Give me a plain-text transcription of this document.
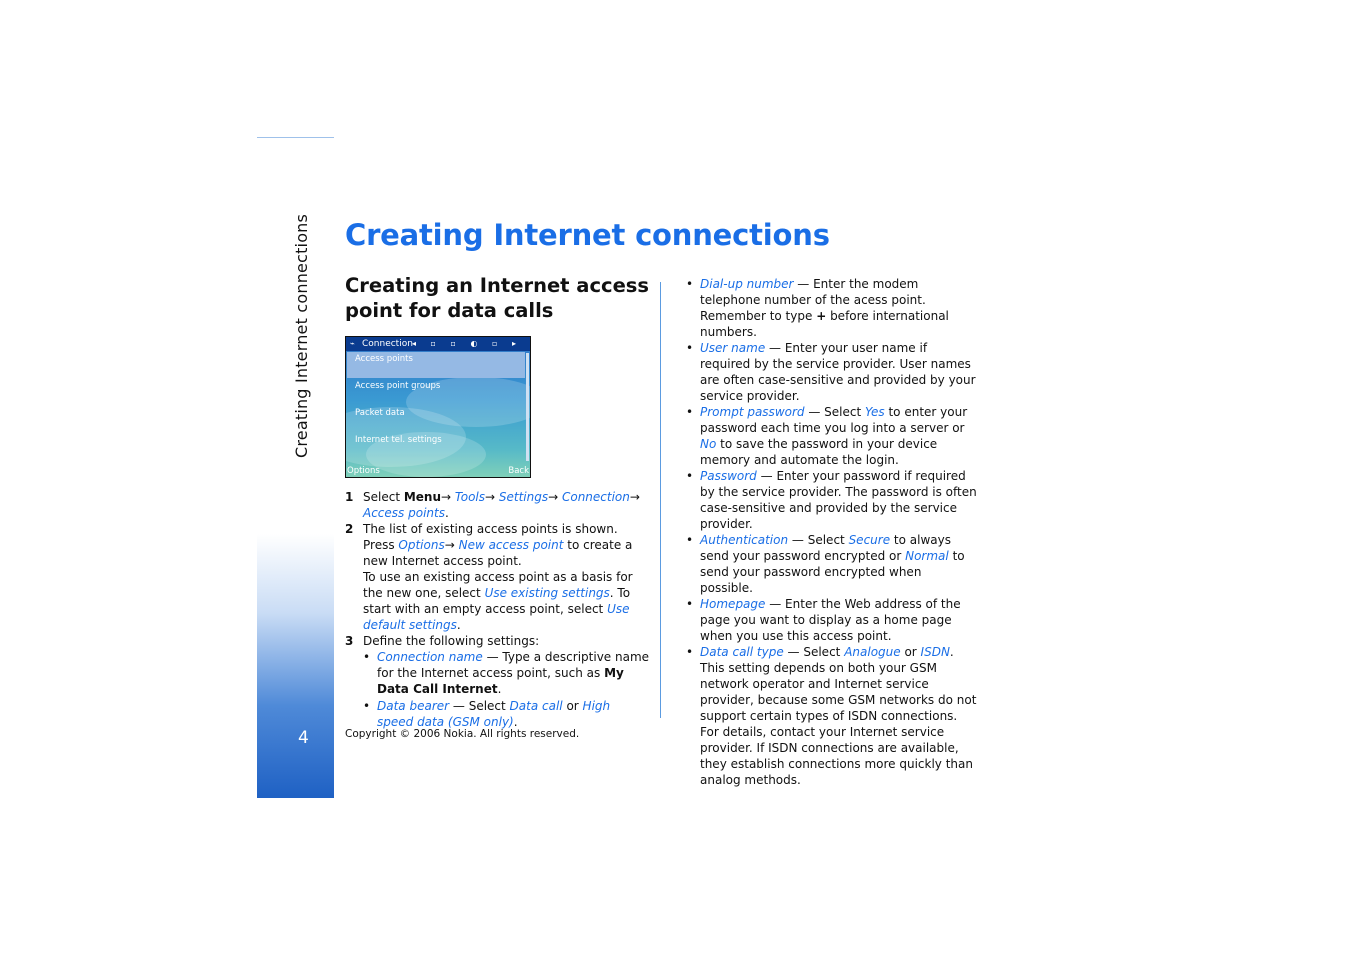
Creating Internet connections
4
Creating Internet connections
Creating an Internet access point for data calls
⌁ Connection ◂ ▫ ▫ ◐ ▫ ▸
Access points
Access point groups
Packet data
Internet tel. settings
Options	Back

1 Select Menu→ Tools→ Settings→ Connection→ Access points.

2 The list of existing access points is shown. Press Options→ New access point to create a new Internet access point.
To use an existing access point as a basis for the new one, select Use existing settings. To start with an empty access point, select Use default settings.

3 Define the following settings:

• Connection name — Type a descriptive name for the Internet access point, such as My Data Call Internet.

• Data bearer — Select Data call or High speed data (GSM only).

• Dial-up number — Enter the modem telephone number of the acess point. Remember to type + before international numbers.

• User name — Enter your user name if required by the service provider. User names are often case-sensitive and provided by your service provider.

• Prompt password — Select Yes to enter your password each time you log into a server or No to save the password in your device memory and automate the login.

• Password — Enter your password if required by the service provider. The password is often case-sensitive and provided by the service provider.

• Authentication — Select Secure to always send your password encrypted or Normal to send your password encrypted when possible.

• Homepage — Enter the Web address of the page you want to display as a home page when you use this access point.

• Data call type — Select Analogue or ISDN. This setting depends on both your GSM network operator and Internet service provider, because some GSM networks do not support certain types of ISDN connections. For details, contact your Internet service provider. If ISDN connections are available, they establish connections more quickly than analog methods.

Copyright © 2006 Nokia. All rights reserved.
